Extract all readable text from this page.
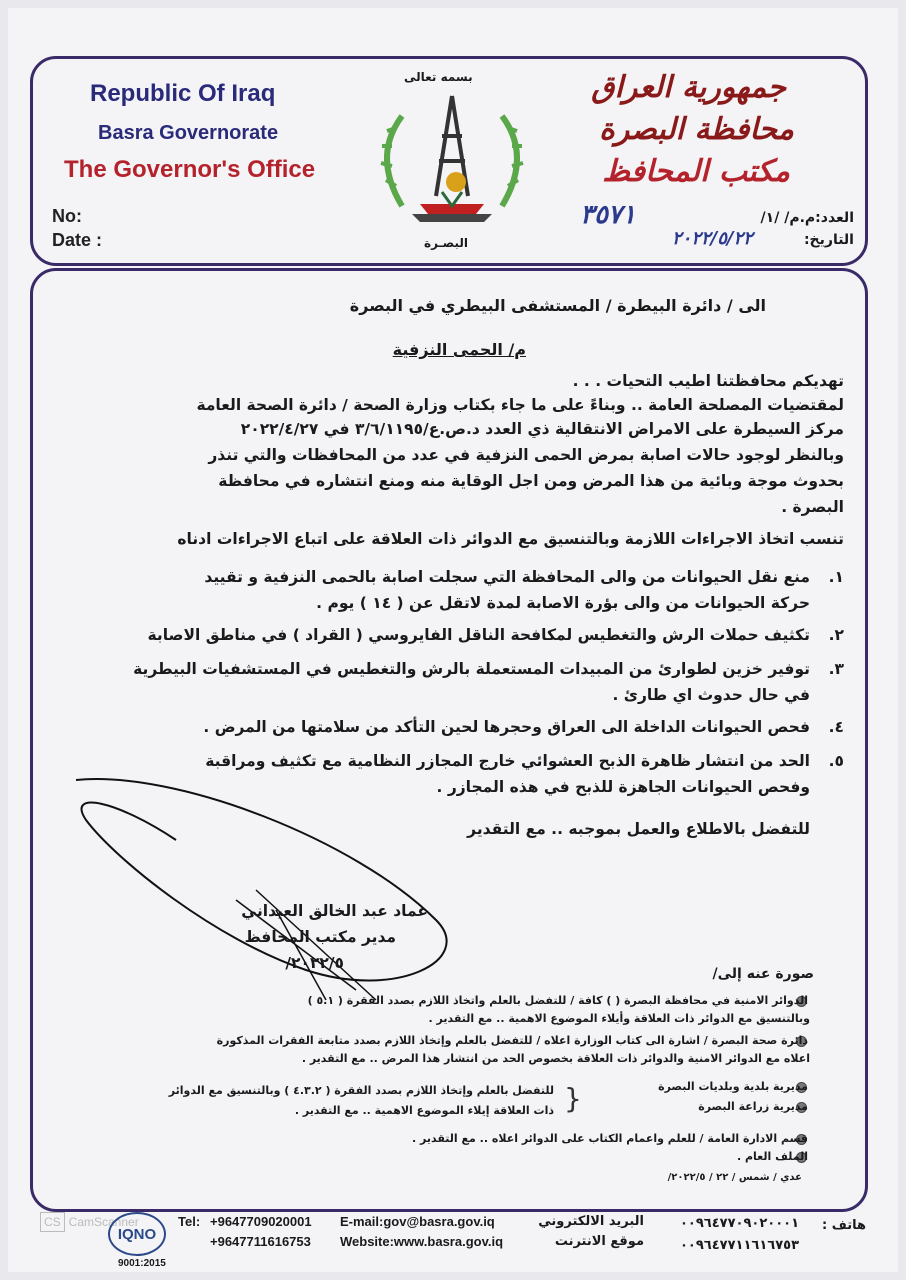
Republic Of Iraq
Basra Governorate
The Governor's Office
No:
Date :
جمهورية العراق
محافظة البصرة
مكتب المحافظ
العدد:م.م/ /١/
التاريخ:
٣٥٧١
٢٠٢٢/٥/٢٢
بسمه تعالى
البصـرة
الى / دائرة البيطرة / المستشفى البيطري في البصرة
م/ الحمى النزفية
تهديكم محافظتنا اطيب التحيات . . .
لمقتضيات المصلحة العامة .. وبناءً على ما جاء بكتاب وزارة الصحة / دائرة الصحة العامة
مركز السيطرة على الامراض الانتقالية ذي العدد د.ص.ع/٣/٦/١١٩٥ في ٢٠٢٢/٤/٢٧
وبالنظر لوجود حالات اصابة بمرض الحمى النزفية في عدد من المحافظات والتي تنذر
بحدوث موجة وبائية من هذا المرض ومن اجل الوقاية منه ومنع انتشاره في محافظة
البصرة .
تنسب اتخاذ الاجراءات اللازمة وبالتنسيق مع الدوائر ذات العلاقة على اتباع الاجراءات ادناه
١.
منع نقل الحيوانات من والى المحافظة التي سجلت اصابة بالحمى النزفية و تقييد
حركة الحيوانات من والى بؤرة الاصابة لمدة لاتقل عن ( ١٤ ) يوم .
٢.
تكثيف حملات الرش والتغطيس لمكافحة الناقل الفايروسي ( القراد ) في مناطق الاصابة
٣.
توفير خزين لطوارئ من المبيدات المستعملة بالرش والتغطيس في المستشفيات البيطرية
في حال حدوث اي طارئ .
٤.
فحص الحيوانات الداخلة الى العراق وحجرها لحين التأكد من سلامتها من المرض .
٥.
الحد من انتشار ظاهرة الذبح العشوائي خارج المجازر النظامية مع تكثيف ومراقبة
وفحص الحيوانات الجاهزة للذبح في هذه المجازر .
للتفضل بالاطلاع والعمل بموجبه .. مع التقدير
عماد عبد الخالق العيداني
مدير مكتب المحافظ
٢٠٢٢/٥/
صورة عنه إلى/
الدوائر الامنية في محافظة البصرة ( ) كافة / للتفضل بالعلم واتخاذ اللازم بصدد الفقرة ( ٥.١ )
وبالتنسيق مع الدوائر ذات العلاقة وأيلاء الموضوع الاهمية .. مع التقدير .
دائرة صحة البصرة / اشارة الى كتاب الوزارة اعلاه / للتفضل بالعلم وإتخاذ اللازم بصدد متابعة الفقرات المذكورة
اعلاه مع الدوائر الامنية والدوائر ذات العلاقة بخصوص الحد من انتشار هذا المرض .. مع التقدير .
مديرية بلدية وبلديات البصرة
مديرية زراعة البصرة
}
للتفضل بالعلم وإتخاذ اللازم بصدد الفقرة ( ٤.٣.٢ ) وبالتنسيق مع الدوائر
ذات العلاقة إيلاء الموضوع الاهمية .. مع التقدير .
قسم الادارة العامة / للعلم واعمام الكتاب على الدوائر اعلاه .. مع التقدير .
الملف العام .
عدي / شمس / ٢٢ / ٢٠٢٢/٥/
CS CamScanner
IQNO
9001:2015
Tel: +9647709020001
+9647711616753
E-mail:gov@basra.gov.iq
Website:www.basra.gov.iq
البريد الالكتروني
موقع الانترنت
هاتف :
٠٠٩٦٤٧٧٠٩٠٢٠٠٠١
٠٠٩٦٤٧٧١١٦١٦٧٥٣
